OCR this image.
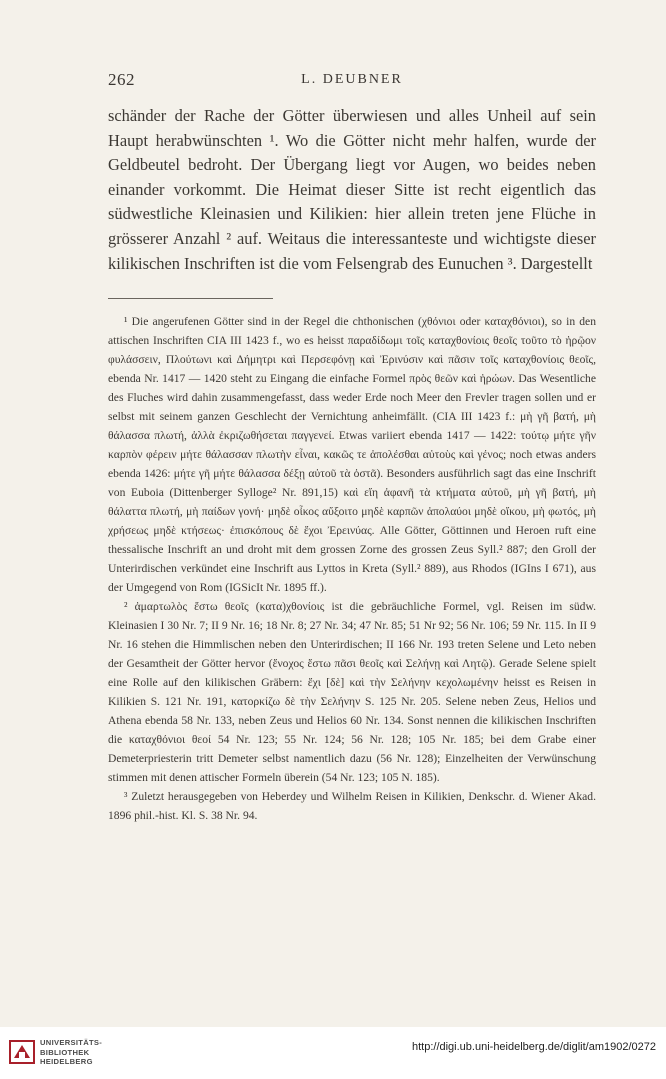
262	L. DEUBNER

schänder der Rache der Götter überwiesen und alles Unheil auf sein Haupt herabwünschten ¹. Wo die Götter nicht mehr halfen, wurde der Geldbeutel bedroht. Der Übergang liegt vor Augen, wo beides neben einander vorkommt. Die Heimat dieser Sitte ist recht eigentlich das südwestliche Kleinasien und Kilikien: hier allein treten jene Flüche in grösserer Anzahl ² auf. Weitaus die interessanteste und wichtigste dieser kilikischen Inschriften ist die vom Felsengrab des Eunuchen ³. Dargestellt

¹ Die angerufenen Götter sind in der Regel die chthonischen (χθόνιοι oder καταχθόνιοι), so in den attischen Inschriften CIA III 1423 f., wo es heisst παραδίδωμι τοῖς καταχθονίοις θεοῖς τοῦτο τὸ ἡρῷον φυλάσσειν, Πλούτωνι καὶ Δήμητρι καὶ Περσεφόνῃ καὶ Ἐρινύσιν καὶ πᾶσιν τοῖς καταχθονίοις θεοῖς, ebenda Nr. 1417 — 1420 steht zu Eingang die einfache Formel πρὸς θεῶν καὶ ἡρώων. Das Wesentliche des Fluches wird dahin zusammengefasst, dass weder Erde noch Meer den Frevler tragen sollen und er selbst mit seinem ganzen Geschlecht der Vernichtung anheimfällt. (CIA III 1423 f.: μὴ γῆ βατή, μὴ θάλασσα πλωτή, ἀλλὰ ἐκριζωθήσεται παγγενεί. Etwas variiert ebenda 1417 — 1422: τούτῳ μήτε γῆν καρπὸν φέρειν μήτε θάλασσαν πλωτὴν εἶναι, κακῶς τε ἀπολέσθαι αὐτοὺς καὶ γένος; noch etwas anders ebenda 1426: μήτε γῆ μήτε θάλασσα δέξῃ αὐτοῦ τὰ ὀστᾶ). Besonders ausführlich sagt das eine Inschrift von Euboia (Dittenberger Sylloge² Nr. 891,15) καὶ εἴη ἀφανῆ τὰ κτήματα αὐτοῦ, μὴ γῆ βατή, μὴ θάλαττα πλωτή, μὴ παίδων γονή· μηδὲ οἶκος αὔξοιτο μηδὲ καρπῶν ἀπολαύοι μηδὲ οἴκου, μὴ φωτός, μὴ χρήσεως μηδὲ κτήσεως· ἐπισκόπους δὲ ἔχοι Ἐρεινύας. Alle Götter, Göttinnen und Heroen ruft eine thessalische Inschrift an und droht mit dem grossen Zorne des grossen Zeus Syll.² 887; den Groll der Unterirdischen verkündet eine Inschrift aus Lyttos in Kreta (Syll.² 889), aus Rhodos (IGIns I 671), aus der Umgegend von Rom (IGSicIt Nr. 1895 ff.).

² ἁμαρτωλὸς ἔστω θεοῖς (κατα)χθονίοις ist die gebräuchliche Formel, vgl. Reisen im südw. Kleinasien I 30 Nr. 7; II 9 Nr. 16; 18 Nr. 8; 27 Nr. 34; 47 Nr. 85; 51 Nr 92; 56 Nr. 106; 59 Nr. 115. In II 9 Nr. 16 stehen die Himmlischen neben den Unterirdischen; II 166 Nr. 193 treten Selene und Leto neben der Gesamtheit der Götter hervor (ἔνοχος ἔστω πᾶσι θεοῖς καὶ Σελήνῃ καὶ Λητῷ). Gerade Selene spielt eine Rolle auf den kilikischen Gräbern: ἔχι [δὲ] καὶ τὴν Σελήνην κεχολωμένην heisst es Reisen in Kilikien S. 121 Nr. 191, κατορκίζω δὲ τὴν Σελήνην S. 125 Nr. 205. Selene neben Zeus, Helios und Athena ebenda 58 Nr. 133, neben Zeus und Helios 60 Nr. 134. Sonst nennen die kilikischen Inschriften die καταχθόνιοι θεοί 54 Nr. 123; 55 Nr. 124; 56 Nr. 128; 105 Nr. 185; bei dem Grabe einer Demeterpriesterin tritt Demeter selbst namentlich dazu (56 Nr. 128); Einzelheiten der Verwünschung stimmen mit denen attischer Formeln überein (54 Nr. 123; 105 N. 185).

³ Zuletzt herausgegeben von Heberdey und Wilhelm Reisen in Kilikien, Denkschr. d. Wiener Akad. 1896 phil.-hist. Kl. S. 38 Nr. 94.

UNIVERSITÄTS-
BIBLIOTHEK
HEIDELBERG
http://digi.ub.uni-heidelberg.de/diglit/am1902/0272
